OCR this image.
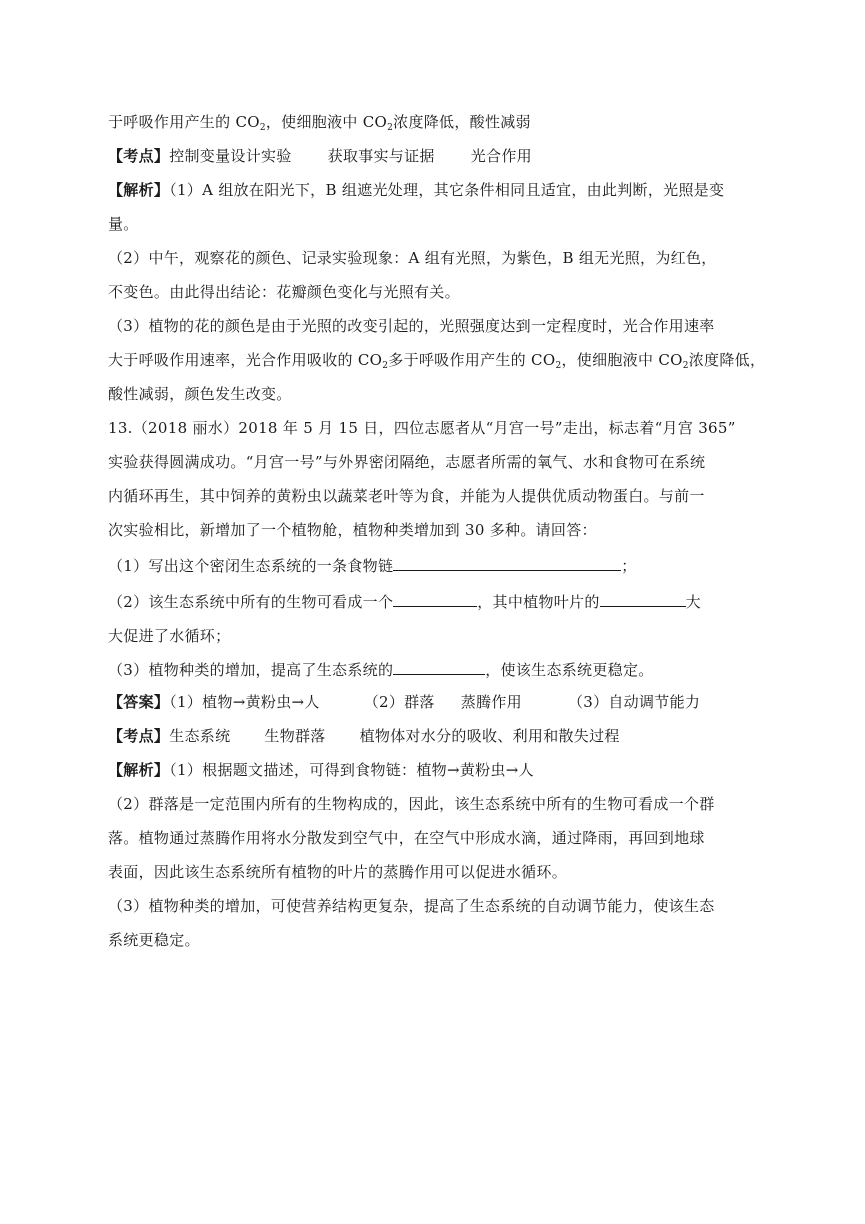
于呼吸作用产生的 $CO_2$，使细胞液中 $CO_2$浓度降低，酸性减弱
【考点】控制变量设计实验 获取事实与证据 光合作用
【解析】（1）A 组放在阳光下，B 组遮光处理，其它条件相同且适宜，由此判断，光照是变
量。
（2）中午，观察花的颜色、记录实验现象：A 组有光照，为紫色，B 组无光照，为红色，
不变色。由此得出结论：花瓣颜色变化与光照有关。
（3）植物的花的颜色是由于光照的改变引起的，光照强度达到一定程度时，光合作用速率
大于呼吸作用速率，光合作用吸收的 $CO_2$多于呼吸作用产生的 $CO_2$，使细胞液中 $CO_2$浓度降低，
酸性减弱，颜色发生改变。
13.（2018 丽水）2018 年 5 月 15 日，四位志愿者从“月宫一号”走出，标志着“月宫 365”
实验获得圆满成功。“月宫一号”与外界密闭隔绝，志愿者所需的氧气、水和食物可在系统
内循环再生，其中饲养的黄粉虫以蔬菜老叶等为食，并能为人提供优质动物蛋白。与前一
次实验相比，新增加了一个植物舱，植物种类增加到 30 多种。请回答：
（1）写出这个密闭生态系统的一条食物链	；
（2）该生态系统中所有的生物可看成一个	，其中植物叶片的	大
大促进了水循环；
（3）植物种类的增加，提高了生态系统的	，使该生态系统更稳定。
【答案】（1）植物→黄粉虫→人	（2）群落 蒸腾作用	（3）自动调节能力
【考点】生态系统 生物群落 植物体对水分的吸收、利用和散失过程
【解析】（1）根据题文描述，可得到食物链：植物→黄粉虫→人
（2）群落是一定范围内所有的生物构成的，因此，该生态系统中所有的生物可看成一个群
落。植物通过蒸腾作用将水分散发到空气中，在空气中形成水滴，通过降雨，再回到地球
表面，因此该生态系统所有植物的叶片的蒸腾作用可以促进水循环。
（3）植物种类的增加，可使营养结构更复杂，提高了生态系统的自动调节能力，使该生态
系统更稳定。
